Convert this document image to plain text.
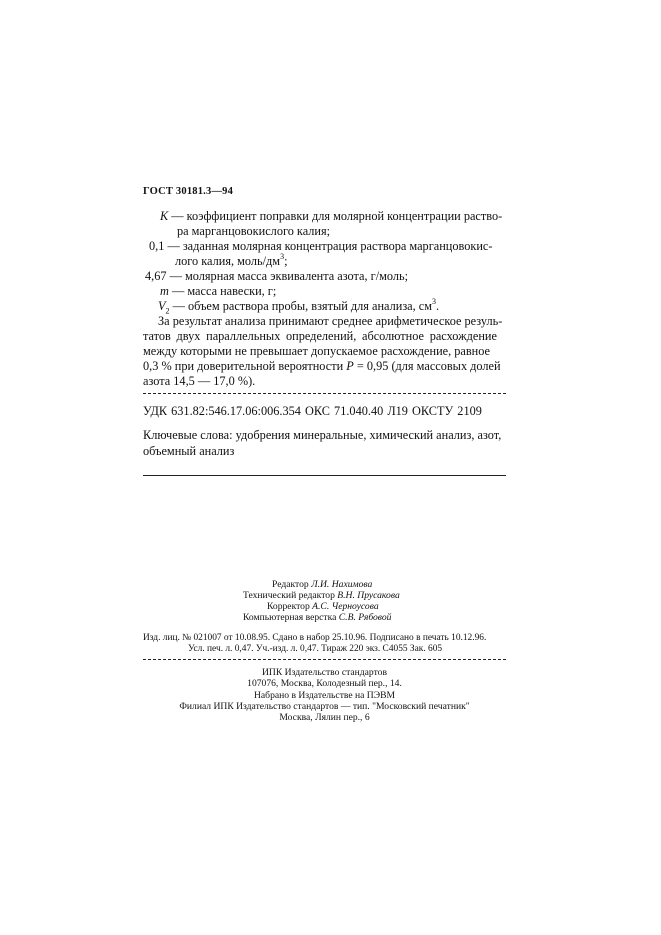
ГОСТ 30181.3—94
K — коэффициент поправки для молярной концентрации раство-
ра марганцовокислого калия;
0,1 — заданная молярная концентрация раствора марганцовокис-
лого калия, моль/$дм^3$;
4,67 — молярная масса эквивалента азота, г/моль;
m — масса навески, г;
$V_2$ — объем раствора пробы, взятый для анализа, $см^3$.
За результат анализа принимают среднее арифметическое резуль-
татов двух параллельных определений, абсолютное расхождение
между которыми не превышает допускаемое расхождение, равное
0,3 % при доверительной вероятности P = 0,95 (для массовых долей
азота 14,5 — 17,0 %).
УДК 631.82:546.17.06:006.354 ОКС 71.040.40 Л19 ОКСТУ 2109
Ключевые слова: удобрения минеральные, химический анализ, азот,
объемный анализ
Редактор Л.И. Нахимова
Технический редактор В.Н. Прусакова
Корректор А.С. Черноусова
Компьютерная верстка С.В. Рябовой
Изд. лиц. № 021007 от 10.08.95. Сдано в набор 25.10.96. Подписано в печать 10.12.96.
Усл. печ. л. 0,47. Уч.-изд. л. 0,47. Тираж 220 экз. С4055 Зак. 605
ИПК Издательство стандартов
107076, Москва, Колодезный пер., 14.
Набрано в Издательстве на ПЭВМ
Филиал ИПК Издательство стандартов — тип. "Московский печатник"
Москва, Лялин пер., 6
